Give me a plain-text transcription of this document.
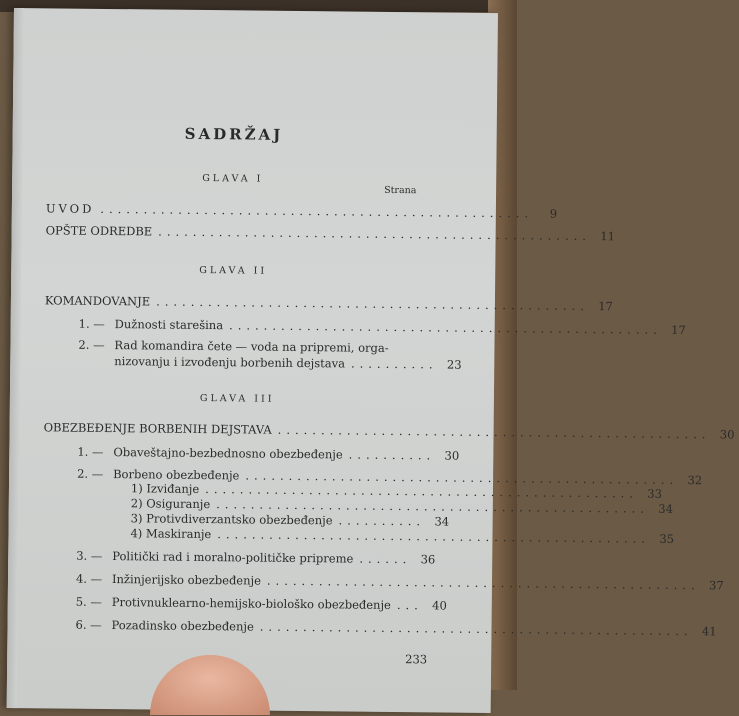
SADRŽAJ
GLAVA I
Strana
UVOD ..................................................	9
OPŠTE ODREDBE .................................................. 11
GLAVA II
KOMANDOVANJE .................................................. 17
1. — Dužnosti starešina .................................................. 17
2. — Rad komandira čete — voda na pripremi, orga-
nizovanju i izvođenju borbenih dejstava .......... 23
GLAVA III
OBEZBEĐENJE BORBENIH DEJSTAVA .................................................. 30
1. — Obaveštajno-bezbednosno obezbeđenje .......... 30
2. — Borbeno obezbeđenje .................................................. 32
1) Izviđanje .................................................. 33
2) Osiguranje .................................................. 34
3) Protivdiverzantsko obezbeđenje .......... 34
4) Maskiranje .................................................. 35
3. — Politički rad i moralno-političke pripreme ...... 36
4. — Inžinjerijsko obezbeđenje .................................................. 37
5. — Protivnuklearno-hemijsko-biološko obezbeđenje ... 40
6. — Pozadinsko obezbeđenje .................................................. 41
233
